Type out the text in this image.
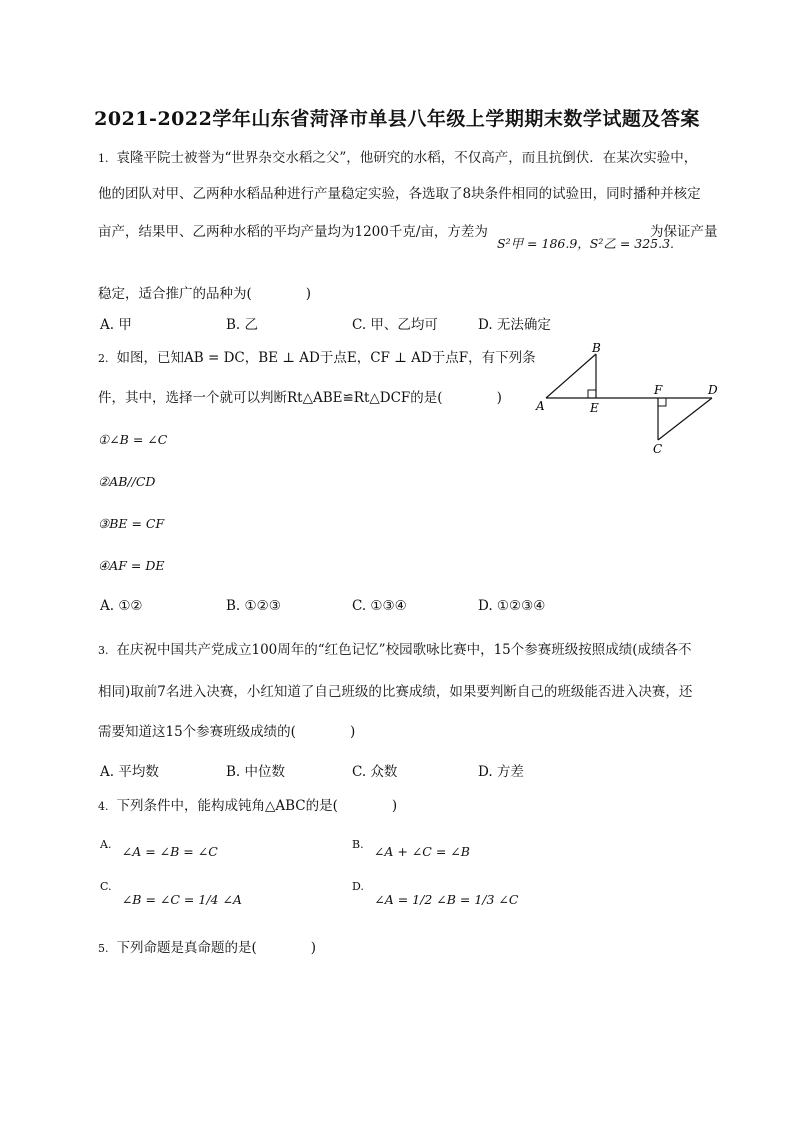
2021-2022学年山东省菏泽市单县八年级上学期期末数学试题及答案
1. 袁隆平院士被誉为“世界杂交水稻之父”，他研究的水稻，不仅高产，而且抗倒伏．在某次实验中，
他的团队对甲、乙两种水稻品种进行产量稳定实验，各选取了8块条件相同的试验田，同时播种并核定
亩产，结果甲、乙两种水稻的平均产量均为1200千克/亩，方差为
S²甲 = 186.9，S²乙 = 325.3.
为保证产量
稳定，适合推广的品种为(　　　　)
A. 甲	B. 乙	C. 甲、乙均可	D. 无法确定
2. 如图，已知AB = DC，BE ⊥ AD于点E，CF ⊥ AD于点F，有下列条
件，其中，选择一个就可以判断Rt△ABE≌Rt△DCF的是(　　　　)	A
B
E
F	D
C
①∠B = ∠C
②AB//CD
③BE = CF
④AF = DE
A. ①②	B. ①②③	C. ①③④	D. ①②③④
3. 在庆祝中国共产党成立100周年的“红色记忆”校园歌咏比赛中，15个参赛班级按照成绩(成绩各不
相同)取前7名进入决赛，小红知道了自己班级的比赛成绩，如果要判断自己的班级能否进入决赛，还
需要知道这15个参赛班级成绩的(　　　　)
A. 平均数	B. 中位数	C. 众数	D. 方差
4. 下列条件中，能构成钝角△ABC的是(　　　　)
A. ∠A = ∠B = ∠C	B. ∠A + ∠C = ∠B
C. ∠B = ∠C = 1/4 ∠A
D. ∠A = 1/2 ∠B = 1/3 ∠C
5. 下列命题是真命题的是(　　　　)
